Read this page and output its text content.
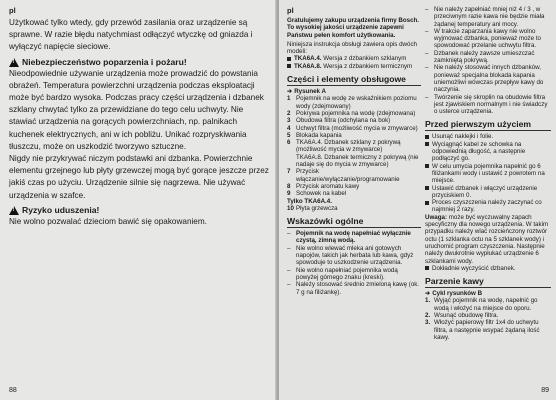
pl

Użytkować tylko wtedy, gdy przewód zasilania oraz urządzenie są sprawne. W razie błędu natychmiast odłączyć wtyczkę od gniazda i wyłączyć napięcie sieciowe.

!
Niebezpieczeństwo poparzenia i pożaru!

Nieodpowiednie używanie urządzenia może prowadzić do powstania obrażeń. Temperatura powierzchni urządzenia podczas eksploatacji może być bardzo wysoka. Podczas pracy części urządzenia i dzbanek szklany chwytać tylko za przewidziane do tego celu uchwyty. Nie stawiać urządzenia na gorących powierzchniach, np. palnikach kuchenek elektrycznych, ani w ich pobliżu. Unikać rozpryskiwania tłuszczu, może on uszkodzić tworzywo sztuczne.

Nigdy nie przykrywać niczym podstawki ani dzbanka. Powierzchnie elementu grzejnego lub płyty grzewczej mogą być gorące jeszcze przez jakiś czas po użyciu. Urządzenie silnie się nagrzewa. Nie używać urządzenia w szafce.

!
Ryzyko uduszenia!

Nie wolno pozwalać dzieciom bawić się opakowaniem.

88
pl

Gratulujemy zakupu urządzenia firmy Bosch. To wysokiej jakości urządzenie zapewni Państwu pełen komfort użytkowania.

Niniejsza instrukcja obsługi zawiera opis dwóch modeli:

TKA6A.4. Wersja z dzbankiem szklanym
TKA6A.8. Wersja z dzbankiem termicznym
Części i elementy obsługowe
➔ Rysunek A
1 Pojemnik na wodę ze wskaźnikiem poziomu wody (zdejmowany)
2 Pokrywa pojemnika na wodę (zdejmowana)
3 Obudowa filtra (odchylana na bok)
4 Uchwyt filtra (możliwość mycia w zmywarce)
5 Blokada kapania
6 TKA6A.4. Dzbanek szklany z pokrywą (możliwość mycia w zmywarce)
TKA6A.8. Dzbanek termiczny z pokrywą (nie nadaje się do mycia w zmywarce)
7 Przycisk włączanie/wyłączanie/programowanie
8 Przycisk aromatu kawy
9 Schowek na kabel
Tylko TKA6A.4.
10 Płyta grzewcza
Wskazówki ogólne
– Pojemnik na wodę napełniać wyłącznie czystą, zimną wodą.
– Nie wolno wlewać mleka ani gotowych napojów, takich jak herbata lub kawa, gdyż spowoduje to uszkodzenie urządzenia.
– Nie wolno napełniać pojemnika wodą powyżej górnego znaku (kreski).
– Należy stosować średnio zmieloną kawę (ok. 7 g na filiżankę).
– Nie należy zapełniać mniej niż 4 / 3 , w przeciwnym razie kawa nie będzie miała żądanej temperatury ani mocy.
– W trakcie zaparzania kawy nie wolno wyjmować dzbanka, ponieważ może to spowodować przelanie uchwytu filtra.
– Dzbanek należy zawsze umieszczać zamkniętą pokrywą.
– Nie należy stosować innych dzbanków, ponieważ specjalna blokada kapania uniemożliwi wówczas przepływ kawy do naczynia.
– Twórzenie się skroplin na obudowie filtra jest zjawiskiem normalnym i nie świadczy o usterce urządzenia.
Przed pierwszym użyciem
Usunąć naklejki i folie.
Wyciągnąć kabel ze schowka na odpowiednią długość, a następnie podłączyć go.
W celu umycia pojemnika napełnić go 6 filiżankami wody i ustawić z powrotem na miejsce.
Ustawić dzbanek i włączyć urządzenie przyciskiem 0.
Proces czyszczenia należy zaczynać co najmniej 2 razy.

Uwaga: może być wyczuwalny zapach specyficzny dla nowego urządzenia. W takim przypadku należy wlać rozcieńczony roztwór octu (1 szklanka octu na 5 szklanek wody) i uruchomić program czyszczenia. Następnie należy dwukrotnie wypłukać urządzenie 6 szklankami wody.

Dokładnie wyczyścić dzbanek.
Parzenie kawy
➔ Cykl rysunków B
1. Wyjąć pojemnik na wodę, napełnić go wodą i włożyć na miejsce do oporu.
2. Wsunąć obudowę filtra.
3. Włożyć papierowy filtr 1x4 do uchwytu filtra, a następnie wsypać żądaną ilość kawy.
89
